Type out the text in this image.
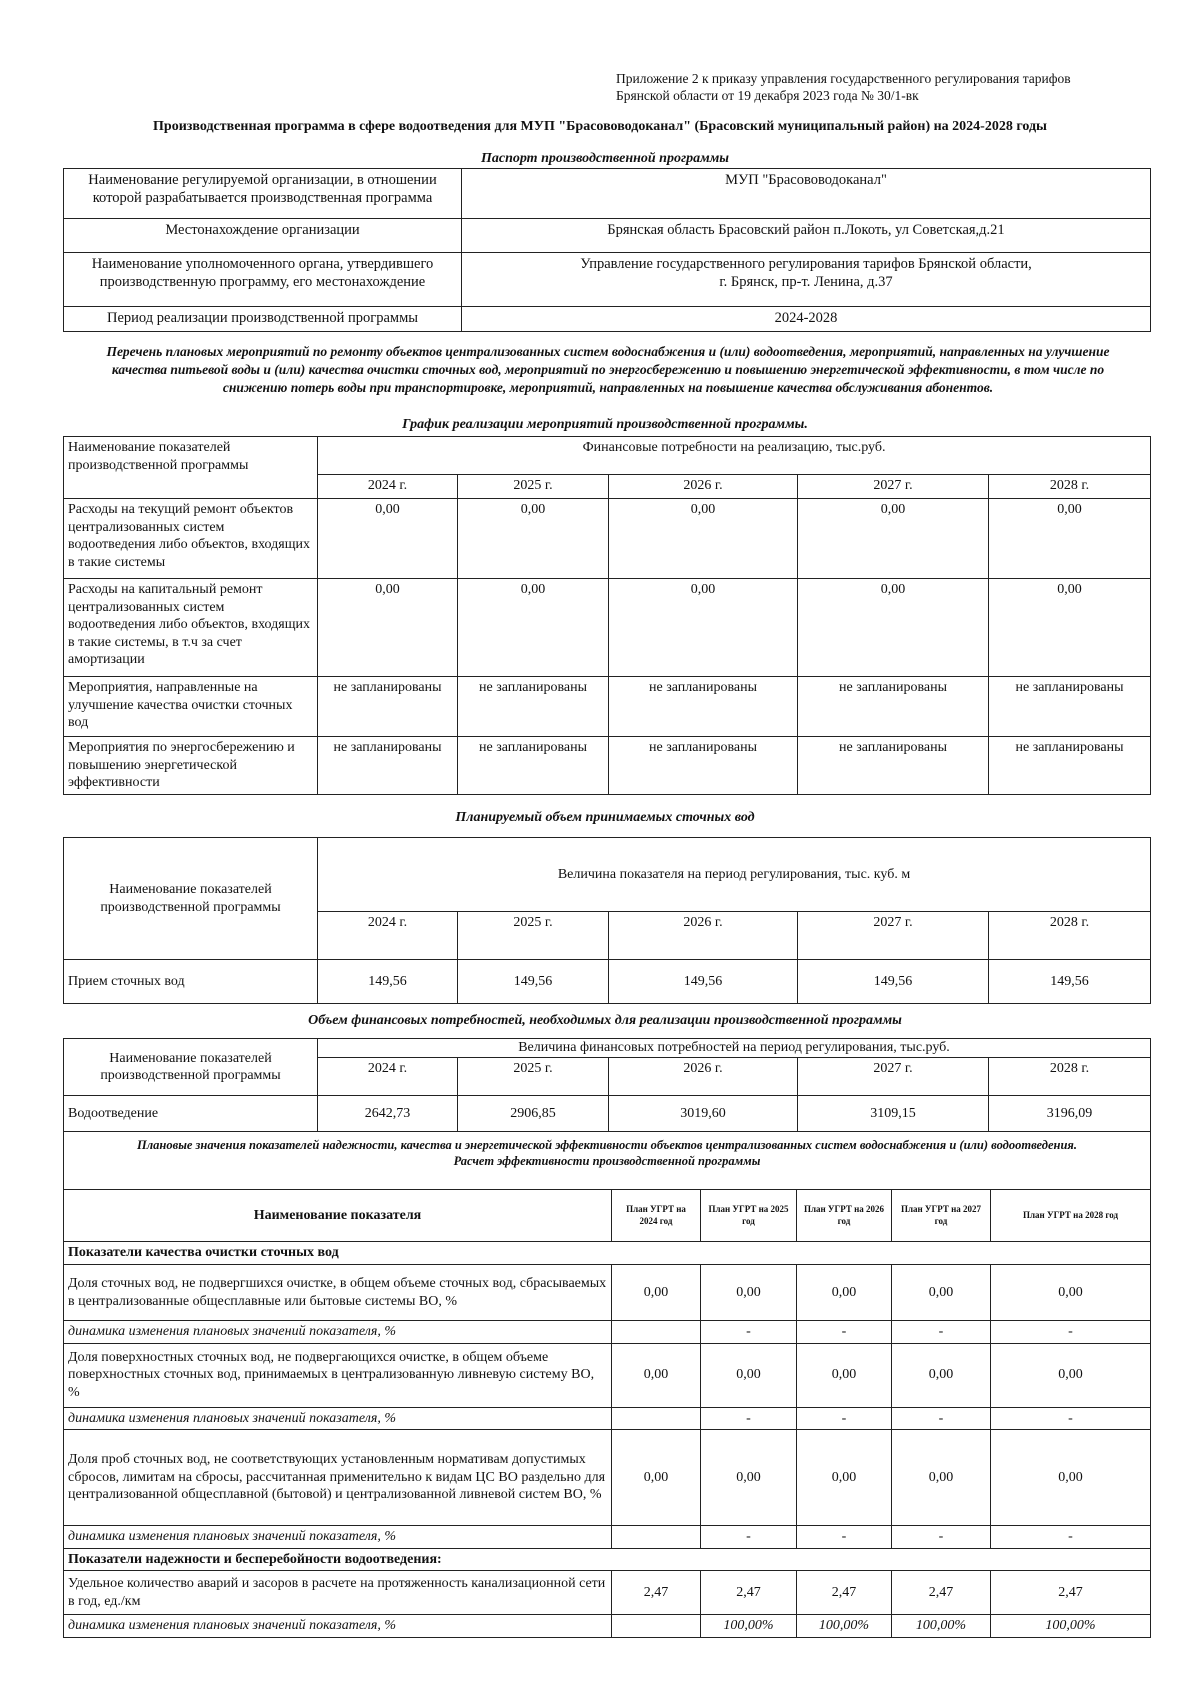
Приложение 2 к приказу управления государственного регулирования тарифов
Брянской области от 19 декабря 2023 года № 30/1-вк
Производственная программа в сфере водоотведения для МУП "Брасововодоканал" (Брасовский муниципальный район) на 2024-2028 годы
Паспорт производственной программы
Наименование регулируемой организации, в отношении которой разрабатывается производственная программа	МУП "Брасововодоканал"
Местонахождение организации	Брянская область Брасовский район п.Локоть, ул Советская,д.21
Наименование уполномоченного органа, утвердившего производственную программу, его местонахождение	Управление государственного регулирования тарифов Брянской области,
г. Брянск, пр-т. Ленина, д.37

Период реализации производственной программы	2024-2028
Перечень плановых мероприятий по ремонту объектов централизованных систем водоснабжения и (или) водоотведения, мероприятий, направленных на улучшение качества питьевой воды и (или) качества очистки сточных вод, мероприятий по энергосбережению и повышению энергетической эффективности, в том числе по снижению потерь воды при транспортировке, мероприятий, направленных на повышение качества обслуживания абонентов.
График реализации мероприятий производственной программы.
Наименование показателей производственной программы	Финансовые потребности на реализацию, тыс.руб.				
	2024 г.	2025 г.	2026 г.	2027 г.	2028 г.
Расходы на текущий ремонт объектов централизованных систем водоотведения либо объектов, входящих в такие системы	0,00	0,00	0,00	0,00	0,00
Расходы на капитальный ремонт централизованных систем водоотведения либо объектов, входящих в такие системы, в т.ч за счет амортизации	0,00	0,00	0,00	0,00	0,00
Мероприятия, направленные на улучшение качества очистки сточных вод	не запланированы	не запланированы	не запланированы	не запланированы	не запланированы
Мероприятия по энергосбережению и повышению энергетической эффективности	не запланированы	не запланированы	не запланированы	не запланированы	не запланированы
Планируемый объем принимаемых сточных вод
Наименование показателей производственной программы	Величина показателя на период регулирования, тыс. куб. м				
	2024 г.	2025 г.	2026 г.	2027 г.	2028 г.
Прием сточных вод	149,56	149,56	149,56	149,56	149,56
Объем финансовых потребностей, необходимых для реализации производственной программы
Наименование показателей производственной программы	Величина финансовых потребностей на период регулирования, тыс.руб.				
	2024 г.	2025 г.	2026 г.	2027 г.	2028 г.
Водоотведение	2642,73	2906,85	3019,60	3109,15	3196,09
Плановые значения показателей надежности, качества и энергетической эффективности объектов централизованных систем водоснабжения и (или) водоотведения.
Расчет эффективности производственной программы					

Наименование показателя	План УГРТ на 2024 год	План УГРТ на 2025 год	План УГРТ на 2026 год	План УГРТ на 2027 год	План УГРТ на 2028 год
Показатели качества очистки сточных вод					
Доля сточных вод, не подвергшихся очистке, в общем объеме сточных вод, сбрасываемых в централизованные общесплавные или бытовые системы ВО, %	0,00	0,00	0,00	0,00	0,00
динамика изменения плановых значений показателя, %		-	-	-	-
Доля поверхностных сточных вод, не подвергающихся очистке, в общем объеме поверхностных сточных вод, принимаемых в централизованную ливневую систему ВО, %	0,00	0,00	0,00	0,00	0,00
динамика изменения плановых значений показателя, %		-	-	-	-
Доля проб сточных вод, не соответствующих установленным нормативам допустимых сбросов, лимитам на сбросы, рассчитанная применительно к видам ЦС ВО раздельно для централизованной общесплавной (бытовой) и централизованной ливневой систем ВО, %	0,00	0,00	0,00	0,00	0,00
динамика изменения плановых значений показателя, %		-	-	-	-
Показатели надежности и бесперебойности водоотведения:					
Удельное количество аварий и засоров в расчете на протяженность канализационной сети в год, ед./км	2,47	2,47	2,47	2,47	2,47
динамика изменения плановых значений показателя, %		100,00%	100,00%	100,00%	100,00%
